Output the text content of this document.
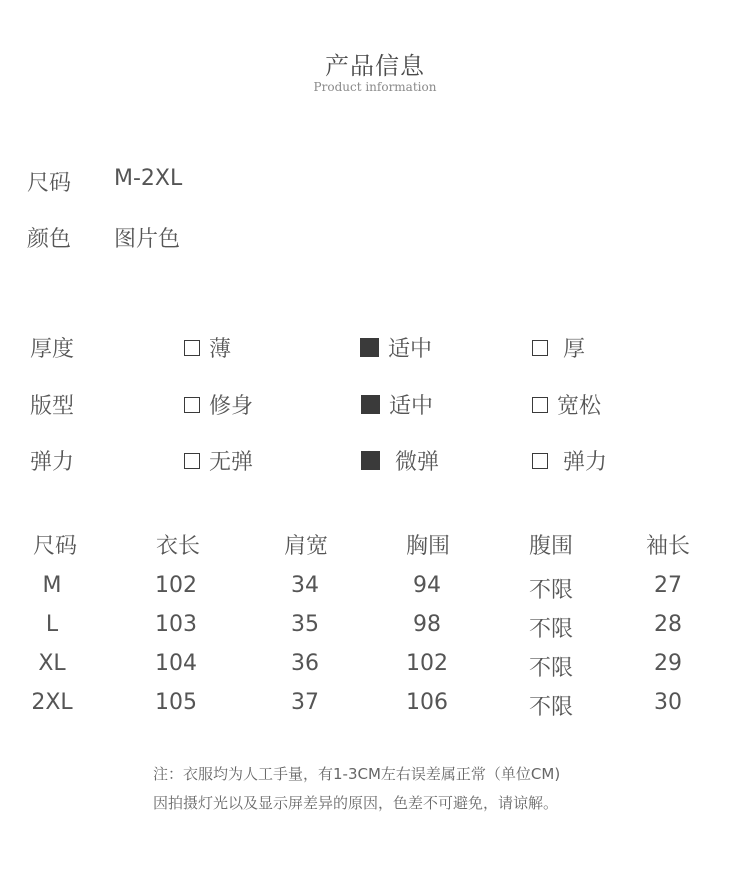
产品信息
Product information
尺码 M-2XL
颜色 图片色
厚度	薄	适中	厚
版型	修身	适中	宽松
弹力	无弹	微弹	弹力
尺码	衣长	肩宽	胸围	腹围	袖长
M	102	34	94	不限	27
L	103	35	98	不限	28
XL	104	36	102	不限	29
2XL	105	37	106	不限	30
注：衣服均为人工手量，有1-3CM左右误差属正常（单位CM)
因拍摄灯光以及显示屏差异的原因，色差不可避免，请谅解。
